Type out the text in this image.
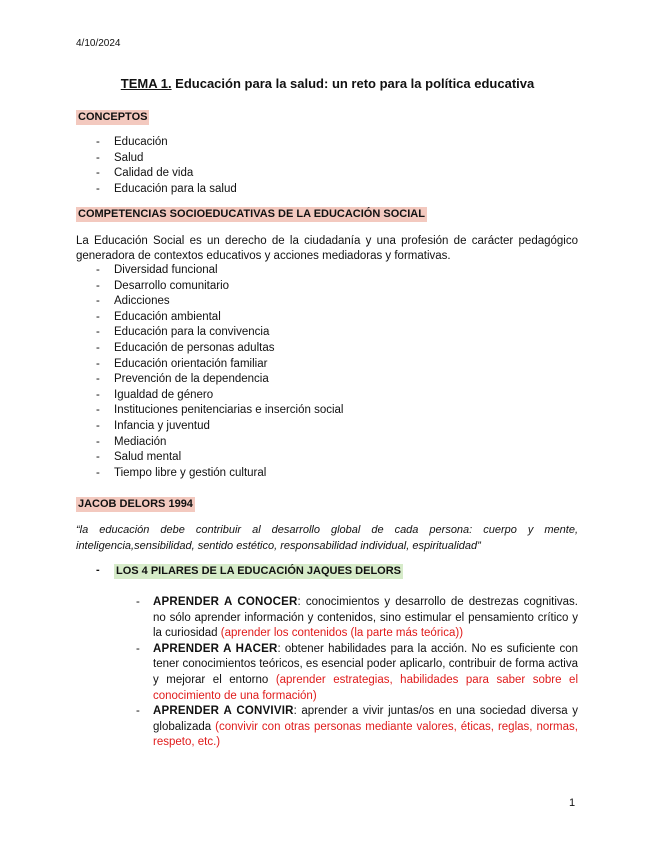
4/10/2024
TEMA 1. Educación para la salud: un reto para la política educativa
CONCEPTOS
- Educación
- Salud
- Calidad de vida
- Educación para la salud
COMPETENCIAS SOCIOEDUCATIVAS DE LA EDUCACIÓN SOCIAL

La Educación Social es un derecho de la ciudadanía y una profesión de carácter pedagógico generadora de contextos educativos y acciones mediadoras y formativas.

- Diversidad funcional
- Desarrollo comunitario
- Adicciones
- Educación ambiental
- Educación para la convivencia
- Educación de personas adultas
- Educación orientación familiar
- Prevención de la dependencia
- Igualdad de género
- Instituciones penitenciarias e inserción social
- Infancia y juventud
- Mediación
- Salud mental
- Tiempo libre y gestión cultural
JACOB DELORS 1994

“la educación debe contribuir al desarrollo global de cada persona: cuerpo y mente, inteligencia,sensibilidad, sentido estético, responsabilidad individual, espiritualidad”

- LOS 4 PILARES DE LA EDUCACIÓN JAQUES DELORS
- APRENDER A CONOCER: conocimientos y desarrollo de destrezas cognitivas. no sólo aprender información y contenidos, sino estimular el pensamiento crítico y la curiosidad (aprender los contenidos (la parte más teórica))
- APRENDER A HACER: obtener habilidades para la acción. No es suficiente con tener conocimientos teóricos, es esencial poder aplicarlo, contribuir de forma activa y mejorar el entorno (aprender estrategias, habilidades para saber sobre el conocimiento de una formación)
- APRENDER A CONVIVIR: aprender a vivir juntas/os en una sociedad diversa y globalizada (convivir con otras personas mediante valores, éticas, reglas, normas, respeto, etc.)
1
